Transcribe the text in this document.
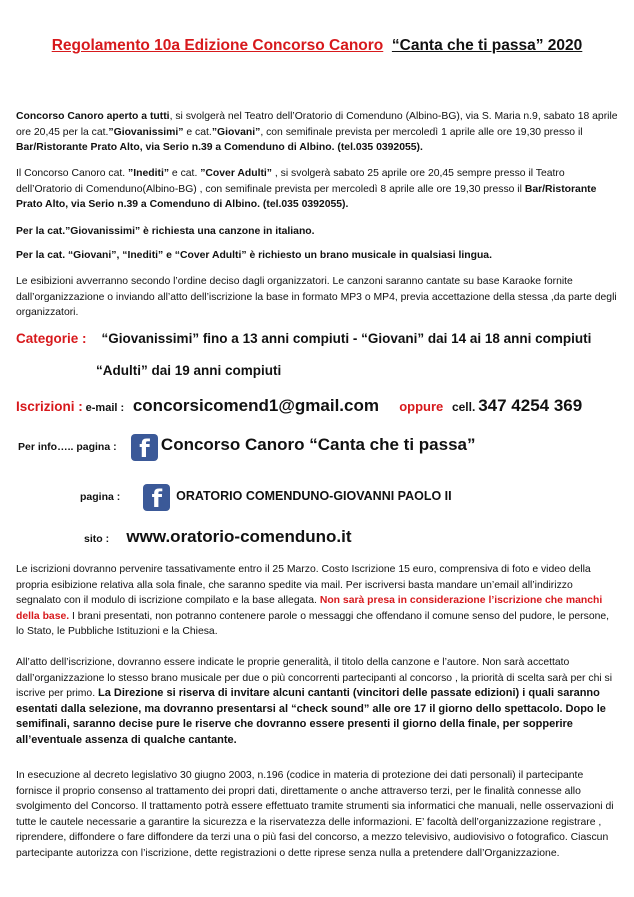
Regolamento 10a Edizione Concorso Canoro “Canta che ti passa” 2020

Concorso Canoro aperto a tutti, si svolgerà nel Teatro dell’Oratorio di Comenduno (Albino-BG), via S. Maria n.9, sabato 18 aprile ore 20,45 per la cat.”Giovanissimi” e cat.”Giovani”, con semifinale prevista per mercoledì 1 aprile alle ore 19,30 presso il Bar/Ristorante Prato Alto, via Serio n.39 a Comenduno di Albino. (tel.035 0392055).

Il Concorso Canoro cat. ”Inediti” e cat. ”Cover Adulti” , si svolgerà sabato 25 aprile ore 20,45 sempre presso il Teatro dell’Oratorio di Comenduno(Albino-BG) , con semifinale prevista per mercoledì 8 aprile alle ore 19,30 presso il Bar/Ristorante Prato Alto, via Serio n.39 a Comenduno di Albino. (tel.035 0392055).

Per la cat.”Giovanissimi” è richiesta una canzone in italiano.

Per la cat. “Giovani”, “Inediti” e “Cover Adulti” è richiesto un brano musicale in qualsiasi lingua.

Le esibizioni avverranno secondo l’ordine deciso dagli organizzatori. Le canzoni saranno cantate su base Karaoke fornite dall’organizzazione o inviando all’atto dell’iscrizione la base in formato MP3 o MP4, previa accettazione della stessa ,da parte degli organizzatori.

Categorie : “Giovanissimi” fino a 13 anni compiuti - “Giovani” dai 14 ai 18 anni compiuti
“Adulti” dai 19 anni compiuti
Iscrizioni : e-mail : concorsicomend1@gmail.com oppure cell. 347 4254 369
Per info….. pagina : f Concorso Canoro “Canta che ti passa”
pagina : f ORATORIO COMENDUNO-GIOVANNI PAOLO II
sito : www.oratorio-comenduno.it

Le iscrizioni dovranno pervenire tassativamente entro il 25 Marzo. Costo Iscrizione 15 euro, comprensiva di foto e video della propria esibizione relativa alla sola finale, che saranno spedite via mail. Per iscriversi basta mandare un’email all’indirizzo segnalato con il modulo di iscrizione compilato e la base allegata. Non sarà presa in considerazione l’iscrizione che manchi della base. I brani presentati, non potranno contenere parole o messaggi che offendano il comune senso del pudore, le persone, lo Stato, le Pubbliche Istituzioni e la Chiesa.

All’atto dell’iscrizione, dovranno essere indicate le proprie generalità, il titolo della canzone e l’autore. Non sarà accettato dall’organizzazione lo stesso brano musicale per due o più concorrenti partecipanti al concorso , la priorità di scelta sarà per chi si iscrive per primo. La Direzione si riserva di invitare alcuni cantanti (vincitori delle passate edizioni) i quali saranno esentati dalla selezione, ma dovranno presentarsi al “check sound” alle ore 17 il giorno dello spettacolo. Dopo le semifinali, saranno decise pure le riserve che dovranno essere presenti il giorno della finale, per sopperire all’eventuale assenza di qualche cantante.

In esecuzione al decreto legislativo 30 giugno 2003, n.196 (codice in materia di protezione dei dati personali) il partecipante fornisce il proprio consenso al trattamento dei propri dati, direttamente o anche attraverso terzi, per le finalità connesse allo svolgimento del Concorso. Il trattamento potrà essere effettuato tramite strumenti sia informatici che manuali, nelle osservazioni di tutte le cautele necessarie a garantire la sicurezza e la riservatezza delle informazioni. E’ facoltà dell’organizzazione registrare , riprendere, diffondere o fare diffondere da terzi una o più fasi del concorso, a mezzo televisivo, audiovisivo o fotografico. Ciascun partecipante autorizza con l’iscrizione, dette registrazioni o dette riprese senza nulla a pretendere dall’Organizzazione.
